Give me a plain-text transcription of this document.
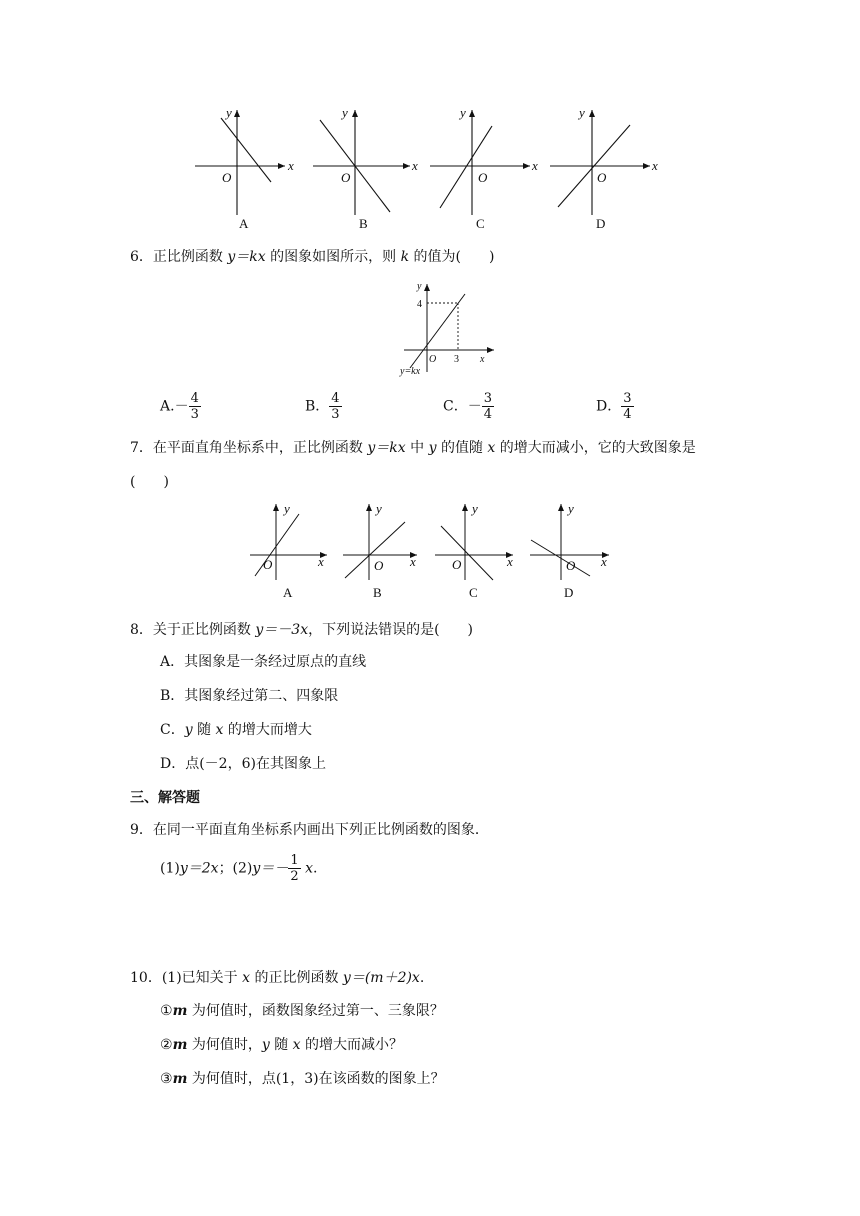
y
x
O
A
y
x
O
B
y
x
O
C
y
x
O
D
6．正比例函数 y＝kx 的图象如图所示，则 k 的值为(　　)
y
4
O 3 x
y=kx
$A.- \frac{4}{3}$	B． $\frac{4}{3}$	C．－ $\frac{3}{4}$	D． $\frac{3}{4}$
7．在平面直角坐标系中，正比例函数 y＝kx 中 y 的值随 x 的增大而减小，它的大致图象是
(　　)
y
x
O
A
y
x
O
B
y
x
O
C
y
x
O
D
8．关于正比例函数 y＝－3x，下列说法错误的是(　　)
A．其图象是一条经过原点的直线
B．其图象经过第二、四象限
C．y 随 x 的增大而增大
D．点(－2，6)在其图象上
三、解答题
9．在同一平面直角坐标系内画出下列正比例函数的图象．
(1)y＝2x；$(2)y=- \frac{1}{2} x$.
10．(1)已知关于 x 的正比例函数 y＝(m＋2)x.
①m 为何值时，函数图象经过第一、三象限？
②m 为何值时，y 随 x 的增大而减小？
③m 为何值时，点(1，3)在该函数的图象上？
